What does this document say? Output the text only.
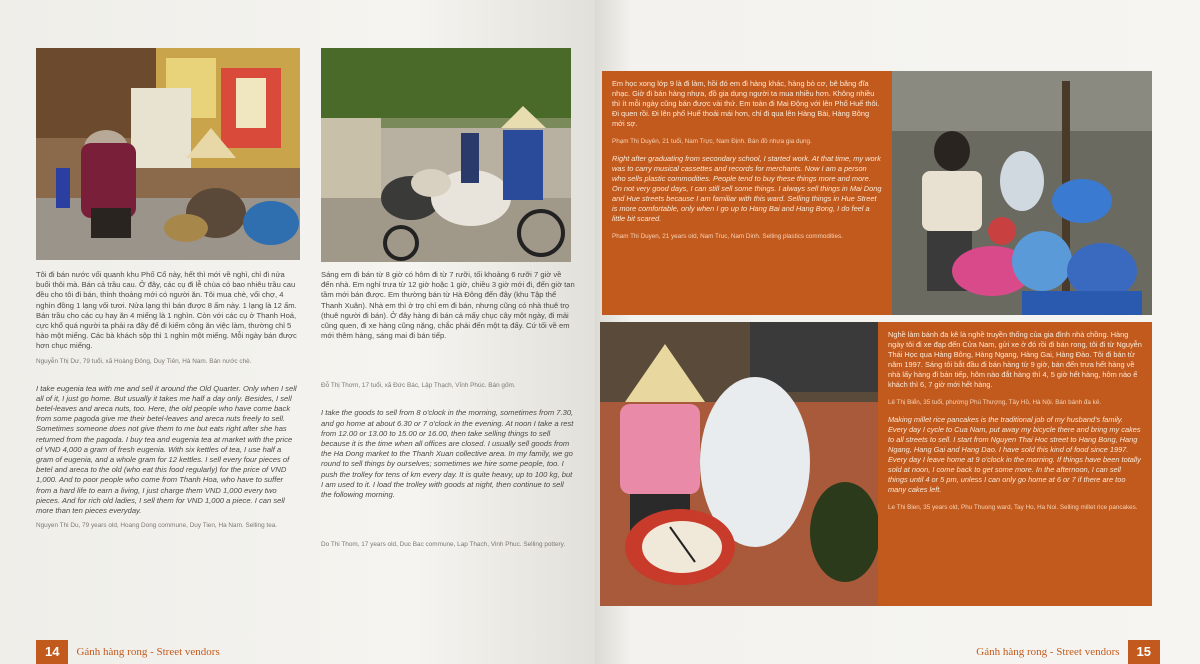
Tôi đi bán nước vối quanh khu Phố Cổ này, hết thì mới về nghỉ, chỉ đi nửa buổi thôi mà. Bán cả trầu cau. Ở đây, các cụ đi lễ chùa có bao nhiêu trầu cau đều cho tôi đi bán, thỉnh thoảng mới có người ăn. Tôi mua chè, vối chợ, 4 nghìn đồng 1 lạng vối tươi. Nửa lạng thì bán được 8 ấm này. 1 lạng là 12 ấm. Bán trầu cho các cụ hay ăn 4 miếng là 1 nghìn. Còn với các cụ ở Thanh Hoá, cực khổ quá người ta phải ra đây để đi kiếm công ăn việc làm, thường chỉ 5 hào một miếng. Các bà khách sộp thì 1 nghìn một miếng. Mỗi ngày bán được hơn chục miếng.

Nguyễn Thị Dư, 79 tuổi, xã Hoàng Đông, Duy Tiên, Hà Nam. Bán nước chè.

I take eugenia tea with me and sell it around the Old Quarter. Only when I sell all of it, I just go home. But usually it takes me half a day only. Besides, I sell betel-leaves and areca nuts, too. Here, the old people who have come back from some pagoda give me their betel-leaves and areca nuts freely to sell. Sometimes someone does not give them to me but eats right after she has returned from the pagoda. I buy tea and eugenia tea at market with the price of VND 4,000 a gram of fresh eugenia. With six kettles of tea, I use half a gram of eugenia, and a whole gram for 12 kettles. I sell every four pieces of betel and areca to the old (who eat this food regularly) for the price of VND 1,000. And to poor people who come from Thanh Hoa, who have to suffer from a hard life to earn a living, I just charge them VND 1,000 every two pieces. And for rich old ladies, I sell them for VND 1,000 a piece. I can sell more than ten pieces everyday.

Nguyen Thi Du, 79 years old, Hoang Dong commune, Duy Tien, Ha Nam. Selling tea.

Sáng em đi bán từ 8 giờ có hôm đi từ 7 rưỡi, tối khoảng 6 rưỡi 7 giờ về đến nhà. Em nghỉ trưa từ 12 giờ hoặc 1 giờ, chiều 3 giờ mới đi, đến giờ tan tầm mới bán được. Em thường bán từ Hà Đông đến đây (khu Tập thể Thanh Xuân). Nhà em thì ở trọ chỉ em đi bán, nhưng cũng có nhà thuê trọ (thuê người đi bán). Ở đây hàng đi bán cả mấy chục cây một ngày, đi mải cũng quen, đi xe hàng cũng nặng, chắc phải đến một tạ đấy. Cứ tối về em mới thêm hàng, sáng mai đi bán tiếp.

Đỗ Thị Thơm, 17 tuổi, xã Đức Bác, Lập Thạch, Vĩnh Phúc. Bán gốm.

I take the goods to sell from 8 o'clock in the morning, sometimes from 7.30, and go home at about 6.30 or 7 o'clock in the evening. At noon I take a rest from 12.00 or 13.00 to 15.00 or 16.00, then take selling things to sell because it is the time when all offices are closed. I usually sell goods from the Ha Dong market to the Thanh Xuan collective area. In my family, we go round to sell things by ourselves; sometimes we hire some people, too. I push the trolley for tens of km every day. It is quite heavy, up to 100 kg, but I am used to it. I load the trolley with goods at night, then continue to sell the following morning.

Do Thi Thom, 17 years old, Duc Bac commune, Lap Thach, Vinh Phuc. Selling pottery.

14	Gánh hàng rong - Street vendors

Em học xong lớp 9 là đi làm, hồi đó em đi hàng khác, hàng bò cơ, bê băng đĩa nhạc. Giờ đi bán hàng nhựa, đồ gia dụng người ta mua nhiều hơn. Không nhiều thì ít mỗi ngày cũng bán được vài thứ. Em toàn đi Mai Động với lên Phố Huế thôi. Đi quen rồi. Đi lên phố Huế thoải mái hơn, chỉ đi qua lên Hàng Bài, Hàng Bông mới sợ.

Phạm Thị Duyên, 21 tuổi, Nam Trực, Nam Định. Bán đồ nhựa gia dụng.

Right after graduating from secondary school, I started work. At that time, my work was to carry musical cassettes and records for merchants. Now I am a person who sells plastic commodities. People tend to buy these things more and more. On not very good days, I can still sell some things. I always sell things in Mai Dong and Hue streets because I am familiar with this ward. Selling things in Hue Street is more comfortable, only when I go up to Hang Bai and Hang Bong, I do feel a little bit scared.

Pham Thi Duyen, 21 years old, Nam Truc, Nam Dinh. Selling plastics commodities.

Nghề làm bánh đa kê là nghề truyền thống của gia đình nhà chồng. Hàng ngày tôi đi xe đạp đến Cửa Nam, gửi xe ở đó rồi đi bán rong, tôi đi từ Nguyễn Thái Học qua Hàng Bông, Hàng Ngang, Hàng Gai, Hàng Đào. Tôi đi bán từ năm 1997. Sáng tôi bắt đầu đi bán hàng từ 9 giờ, bán đến trưa hết hàng về nhà lấy hàng đi bán tiếp, hôm nào đắt hàng thì 4, 5 giờ hết hàng, hôm nào ế khách thì 6, 7 giờ mới hết hàng.

Lê Thị Biển, 35 tuổi, phường Phú Thượng, Tây Hồ, Hà Nội. Bán bánh đa kê.

Making millet rice pancakes is the traditional job of my husband's family. Every day I cycle to Cua Nam, put away my bicycle there and bring my cakes to all streets to sell. I start from Nguyen Thai Hoc street to Hang Bong, Hang Ngang, Hang Gai and Hang Dao. I have sold this kind of food since 1997. Every day I leave home at 9 o'clock in the morning. If things have been totally sold at noon, I come back to get some more. In the afternoon, I can sell things until 4 or 5 pm, unless I can only go home at 6 or 7 if there are too many cakes left.

Le Thi Bien, 35 years old, Phu Thuong ward, Tay Ho, Ha Noi. Selling millet rice pancakes.

Gánh hàng rong - Street vendors	15
